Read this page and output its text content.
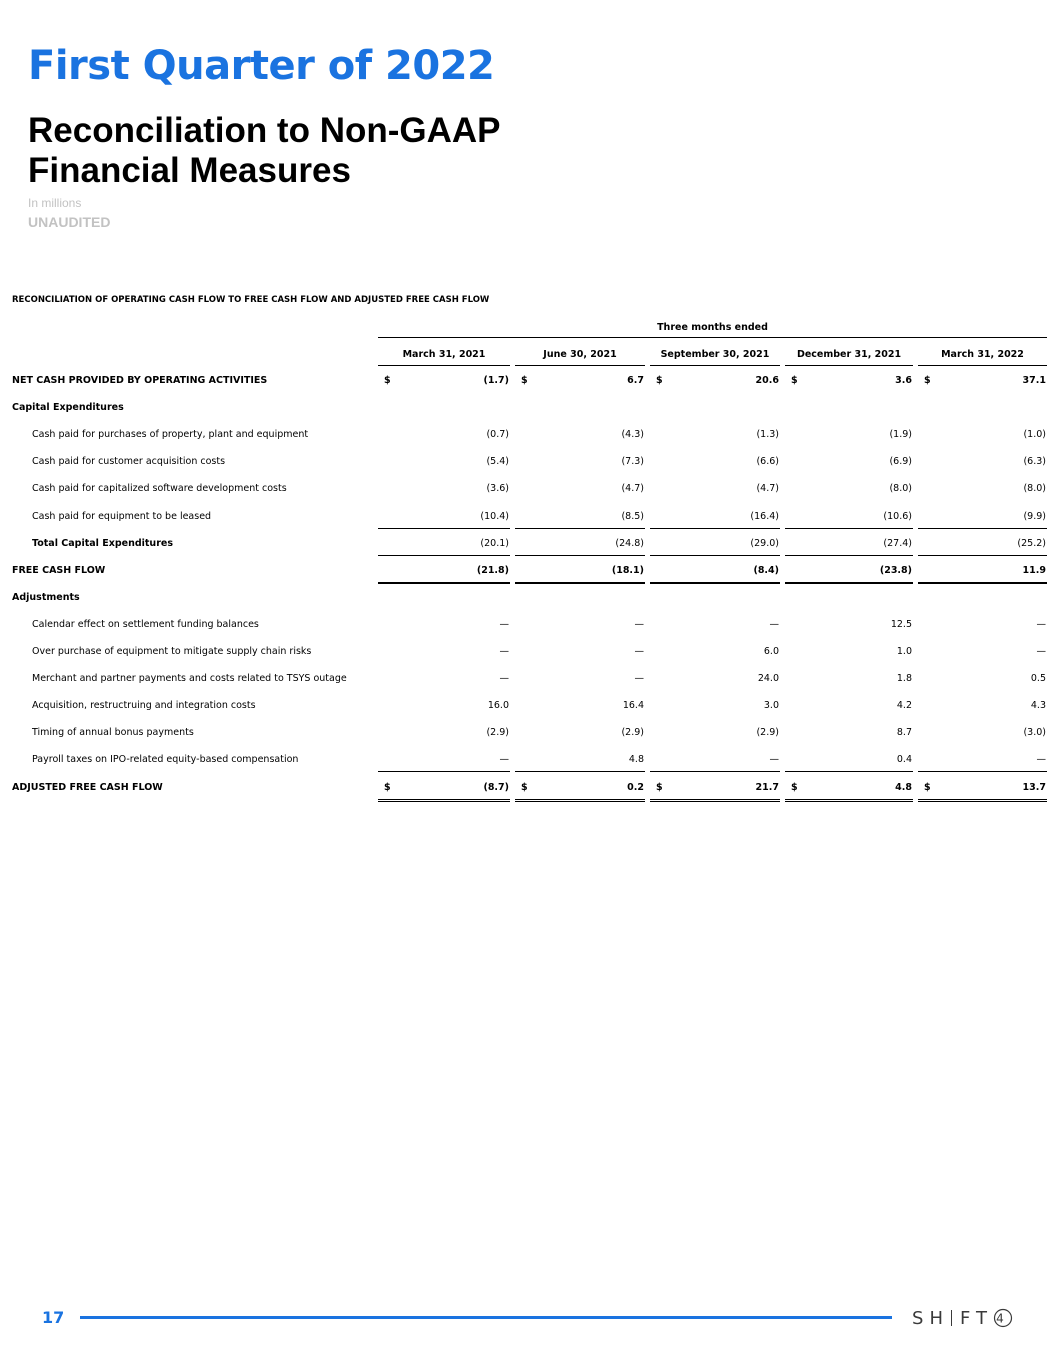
First Quarter of 2022
Reconciliation to Non-GAAP
Financial Measures
In millions
UNAUDITED
RECONCILIATION OF OPERATING CASH FLOW TO FREE CASH FLOW AND ADJUSTED FREE CASH FLOW
Three months ended
March 31, 2021	June 30, 2021	September 30, 2021	December 31, 2021	March 31, 2022
NET CASH PROVIDED BY OPERATING ACTIVITIES	$	(1.7) $	6.7 $	20.6 $	3.6 $	37.1
Capital Expenditures
Cash paid for purchases of property, plant and equipment	(0.7)	(4.3)	(1.3)	(1.9)	(1.0)
Cash paid for customer acquisition costs	(5.4)	(7.3)	(6.6)	(6.9)	(6.3)
Cash paid for capitalized software development costs	(3.6)	(4.7)	(4.7)	(8.0)	(8.0)
Cash paid for equipment to be leased	(10.4)	(8.5)	(16.4)	(10.6)	(9.9)
Total Capital Expenditures	(20.1)	(24.8)	(29.0)	(27.4)	(25.2)
FREE CASH FLOW	(21.8)	(18.1)	(8.4)	(23.8)	11.9
Adjustments
Calendar effect on settlement funding balances	—	—	—	12.5	—
Over purchase of equipment to mitigate supply chain risks	—	—	6.0	1.0	—
Merchant and partner payments and costs related to TSYS outage	—	—	24.0	1.8	0.5
Acquisition, restructruing and integration costs	16.0	16.4	3.0	4.2	4.3
Timing of annual bonus payments	(2.9)	(2.9)	(2.9)	8.7	(3.0)
Payroll taxes on IPO-related equity-based compensation	—	4.8	—	0.4	—
ADJUSTED FREE CASH FLOW	$	(8.7) $	0.2 $	21.7 $	4.8 $	13.7
17	S H FT 4
